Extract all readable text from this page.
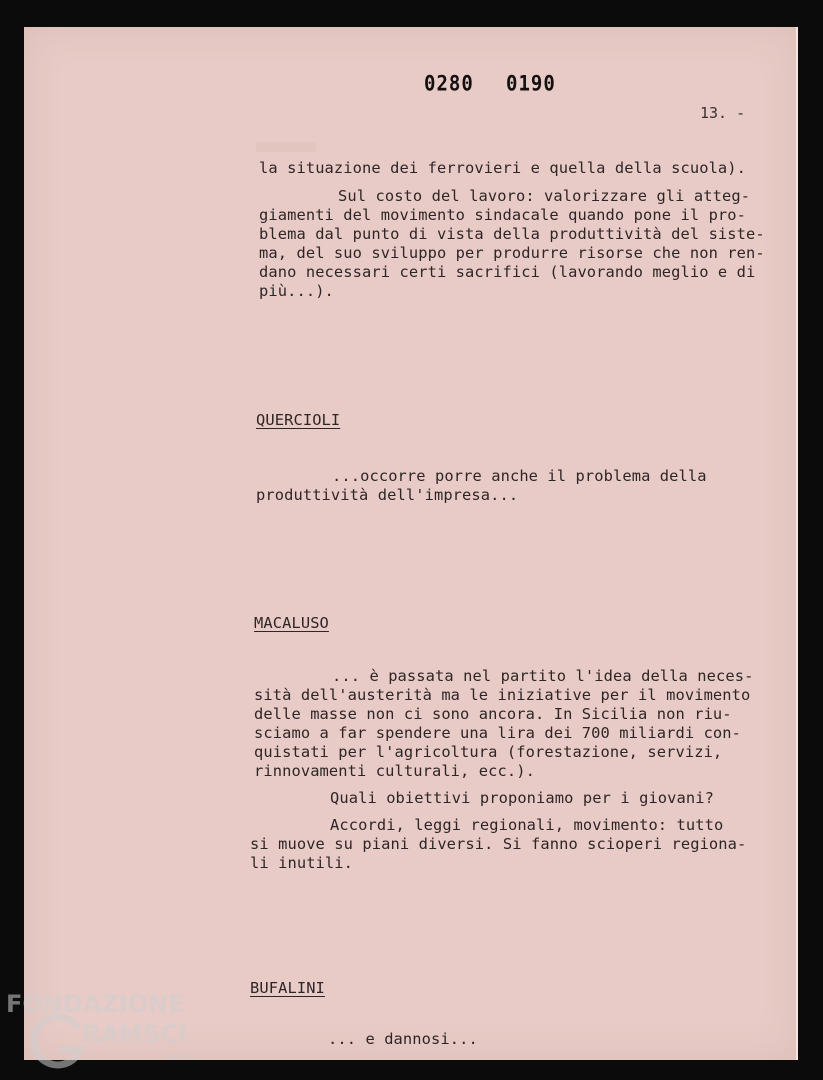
0280 0190
13. -
la situazione dei ferrovieri e quella della scuola).
Sul costo del lavoro: valorizzare gli atteg-
giamenti del movimento sindacale quando pone il pro-
blema dal punto di vista della produttività del siste-
ma, del suo sviluppo per produrre risorse che non ren-
dano necessari certi sacrifici (lavorando meglio e di
più...).
QUERCIOLI
...occorre porre anche il problema della
produttività dell'impresa...
MACALUSO
... è passata nel partito l'idea della neces-
sità dell'austerità ma le iniziative per il movimento
delle masse non ci sono ancora. In Sicilia non riu-
sciamo a far spendere una lira dei 700 miliardi con-
quistati per l'agricoltura (forestazione, servizi,
rinnovamenti culturali, ecc.).
Quali obiettivi proponiamo per i giovani?
Accordi, leggi regionali, movimento: tutto
si muove su piani diversi. Si fanno scioperi regiona-
li inutili.
BUFALINI
... e dannosi...
FONDAZIONE
RAMSCI
onlus
